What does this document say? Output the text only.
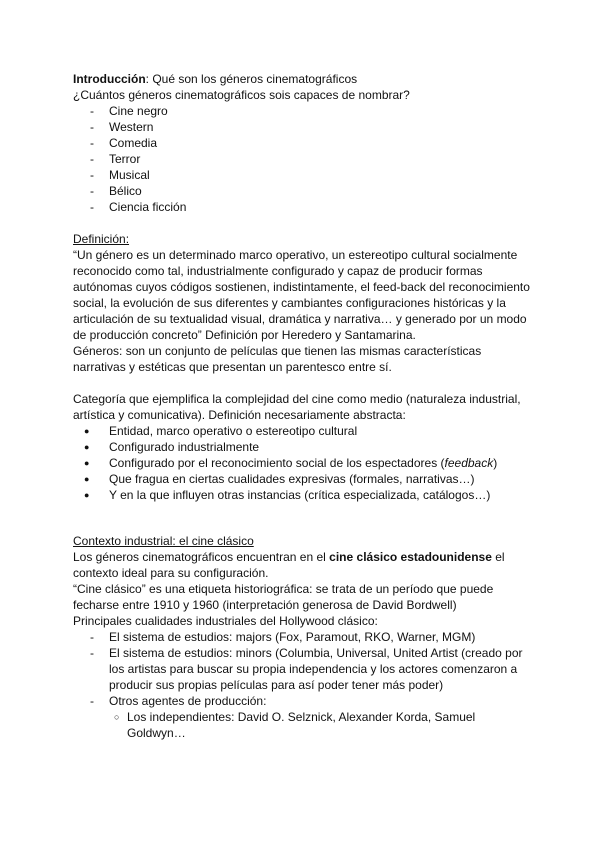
Introducción: Qué son los géneros cinematográficos

¿Cuántos géneros cinematográficos sois capaces de nombrar?

- Cine negro
- Western
- Comedia
- Terror
- Musical
- Bélico
- Ciencia ficción

Definición:

“Un género es un determinado marco operativo, un estereotipo cultural socialmente reconocido como tal, industrialmente configurado y capaz de producir formas autónomas cuyos códigos sostienen, indistintamente, el feed-back del reconocimiento social, la evolución de sus diferentes y cambiantes configuraciones históricas y la articulación de su textualidad visual, dramática y narrativa… y generado por un modo de producción concreto” Definición por Heredero y Santamarina.

Géneros: son un conjunto de películas que tienen las mismas características narrativas y estéticas que presentan un parentesco entre sí.

Categoría que ejemplifica la complejidad del cine como medio (naturaleza industrial, artística y comunicativa). Definición necesariamente abstracta:

● Entidad, marco operativo o estereotipo cultural
● Configurado industrialmente
● Configurado por el reconocimiento social de los espectadores (feedback)
● Que fragua en ciertas cualidades expresivas (formales, narrativas…)
● Y en la que influyen otras instancias (crítica especializada, catálogos…)

Contexto industrial: el cine clásico

Los géneros cinematográficos encuentran en el cine clásico estadounidense el contexto ideal para su configuración.

“Cine clásico” es una etiqueta historiográfica: se trata de un período que puede fecharse entre 1910 y 1960 (interpretación generosa de David Bordwell)

Principales cualidades industriales del Hollywood clásico:

- El sistema de estudios: majors (Fox, Paramout, RKO, Warner, MGM)
- El sistema de estudios: minors (Columbia, Universal, United Artist (creado por los artistas para buscar su propia independencia y los actores comenzaron a producir sus propias películas para así poder tener más poder)
- Otros agentes de producción:
○ Los independientes: David O. Selznick, Alexander Korda, Samuel Goldwyn…
